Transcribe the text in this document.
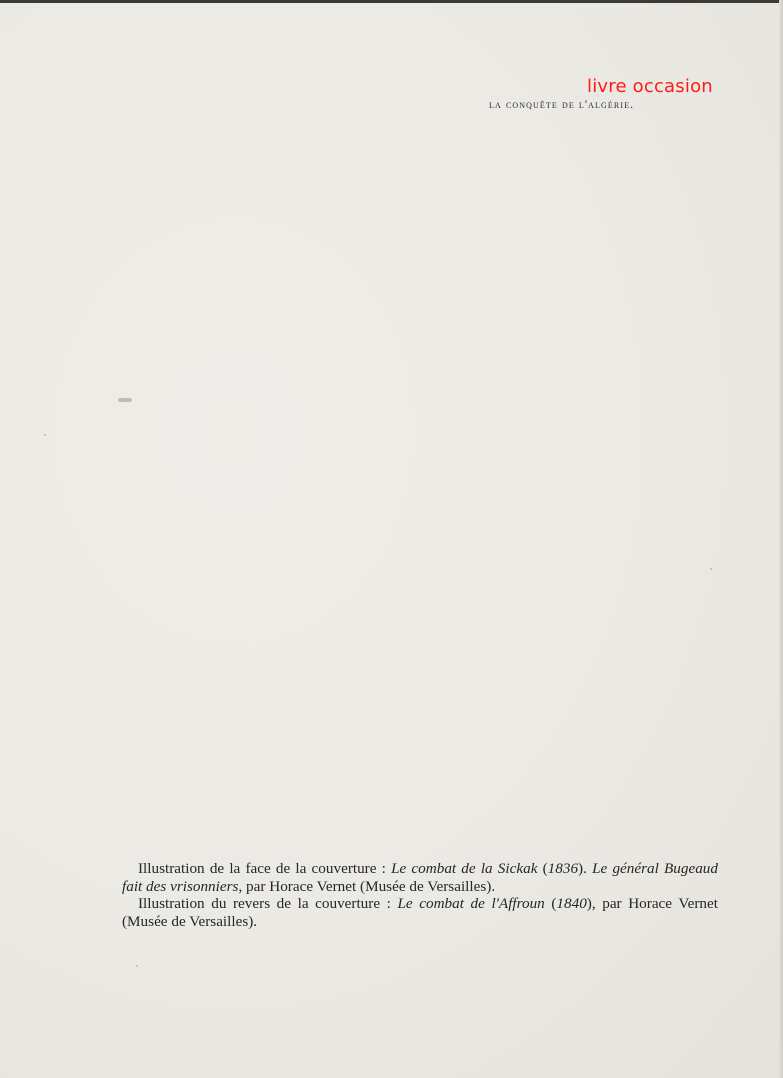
livre occasion
la conquête de l'algérie.

Illustration de la face de la couverture : Le combat de la Sickak (1836). Le général Bugeaud fait des vrisonniers, par Horace Vernet (Musée de Versailles).

Illustration du revers de la couverture : Le combat de l'Affroun (1840), par Horace Vernet (Musée de Versailles).
